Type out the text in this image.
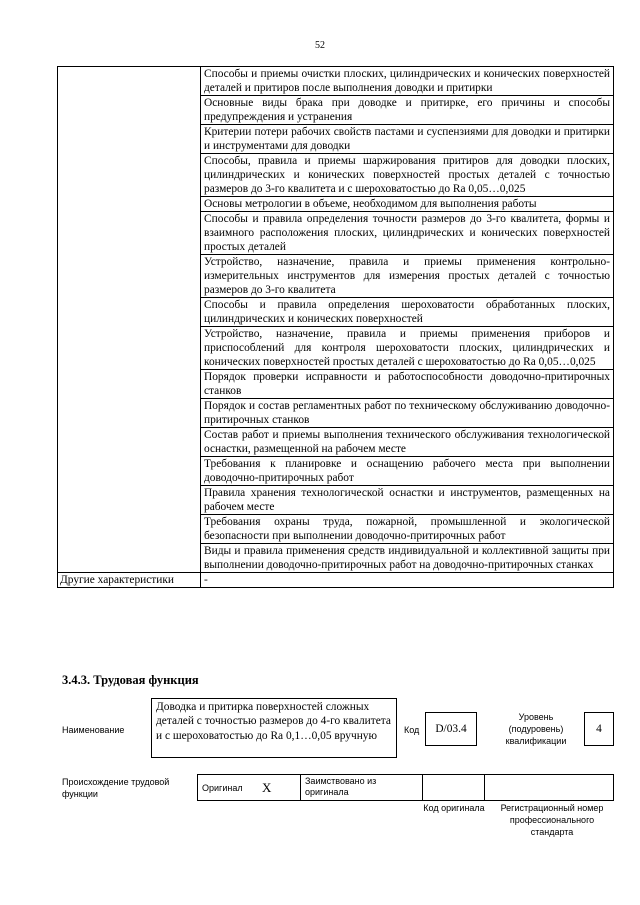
52
	Способы и приемы очистки плоских, цилиндрических и конических поверхностей деталей и притиров после выполнения доводки и притирки
	Основные виды брака при доводке и притирке, его причины и способы предупреждения и устранения
	Критерии потери рабочих свойств пастами и суспензиями для доводки и притирки и инструментами для доводки
	Способы, правила и приемы шаржирования притиров для доводки плоских, цилиндрических и конических поверхностей простых деталей с точностью размеров до 3-го квалитета и с шероховатостью до Ra 0,05…0,025
	Основы метрологии в объеме, необходимом для выполнения работы
	Способы и правила определения точности размеров до 3-го квалитета, формы и взаимного расположения плоских, цилиндрических и конических поверхностей простых деталей
	Устройство, назначение, правила и приемы применения контрольно-измерительных инструментов для измерения простых деталей с точностью размеров до 3-го квалитета
	Способы и правила определения шероховатости обработанных плоских, цилиндрических и конических поверхностей
	Устройство, назначение, правила и приемы применения приборов и приспособлений для контроля шероховатости плоских, цилиндрических и конических поверхностей простых деталей с шероховатостью до Ra 0,05…0,025
	Порядок проверки исправности и работоспособности доводочно-притирочных станков
	Порядок и состав регламентных работ по техническому обслуживанию доводочно-притирочных станков
	Состав работ и приемы выполнения технического обслуживания технологической оснастки, размещенной на рабочем месте
	Требования к планировке и оснащению рабочего места при выполнении доводочно-притирочных работ
	Правила хранения технологической оснастки и инструментов, размещенных на рабочем месте
	Требования охраны труда, пожарной, промышленной и экологической безопасности при выполнении доводочно-притирочных работ
	Виды и правила применения средств индивидуальной и коллективной защиты при выполнении доводочно-притирочных работ на доводочно-притирочных станках
Другие характеристики	-
3.4.3. Трудовая функция
Наименование
Доводка и притирка поверхностей сложных деталей с точностью размеров до 4-го квалитета и с шероховатостью до Ra 0,1…0,05 вручную	Код	D/03.4
Уровень (подуровень) квалификации
4
Происхождение трудовой функции
Оригинал	X	Заимствовано из оригинала		
Код оригинала	Регистрационный номер профессионального стандарта
